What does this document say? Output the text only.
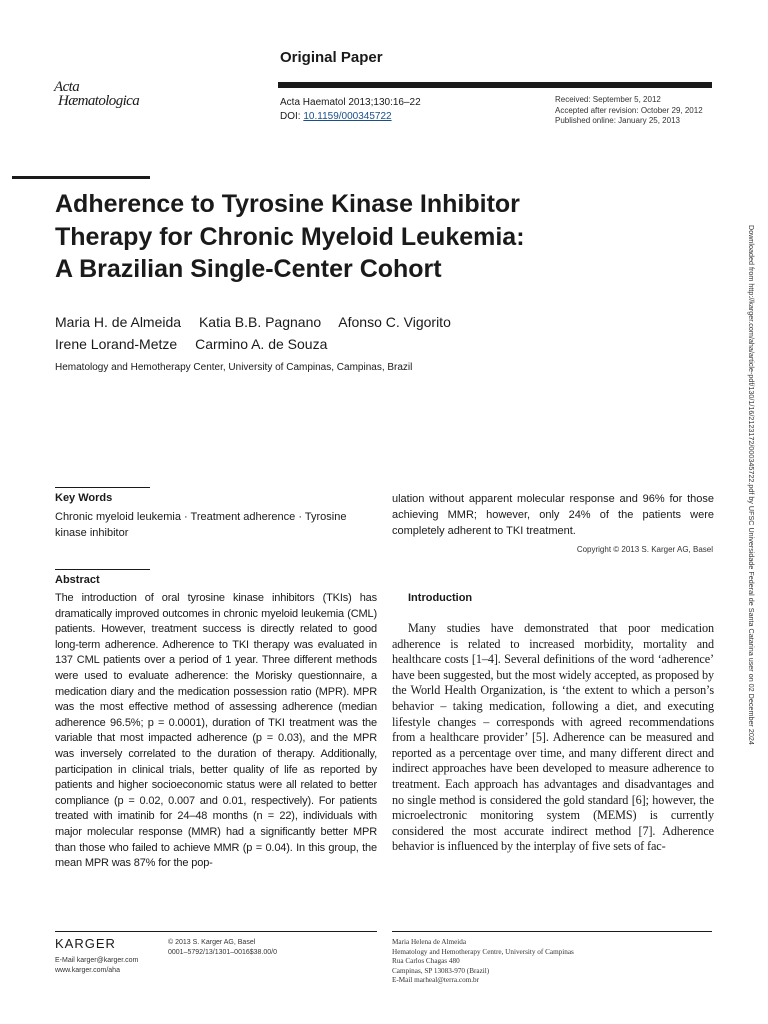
Original Paper
Acta
Hæmatologica	Acta Haematol 2013;130:16–22
DOI: 10.1159/000345722
Received: September 5, 2012
Accepted after revision: October 29, 2012
Published online: January 25, 2013
Adherence to Tyrosine Kinase Inhibitor
Therapy for Chronic Myeloid Leukemia:
A Brazilian Single-Center Cohort
Maria H. de Almeida Katia B.B. Pagnano Afonso C. Vigorito
Irene Lorand-Metze Carmino A. de Souza
Hematology and Hemotherapy Center, University of Campinas, Campinas, Brazil	Downloaded from http://karger.com/aha/article-pdf/130/1/16/2123172/000345722.pdf by UFSC Universidade Federal de Santa Catarina user on 02 December 2024
Key Words
Chronic myeloid leukemia · Treatment adherence · Tyrosine kinase inhibitor
Abstract
The introduction of oral tyrosine kinase inhibitors (TKIs) has dramatically improved outcomes in chronic myeloid leukemia (CML) patients. However, treatment success is directly related to good long-term adherence. Adherence to TKI therapy was evaluated in 137 CML patients over a period of 1 year. Three different methods were used to evaluate adherence: the Morisky questionnaire, a medication diary and the medication possession ratio (MPR). MPR was the most effective method of assessing adherence (median adherence 96.5%; p = 0.0001), duration of TKI treatment was the variable that most impacted adherence (p = 0.03), and the MPR was inversely correlated to the duration of therapy. Additionally, participation in clinical trials, better quality of life as reported by patients and higher socioeconomic status were all related to better compliance (p = 0.02, 0.007 and 0.01, respectively). For patients treated with imatinib for 24–48 months (n = 22), individuals with major molecular response (MMR) had a significantly better MPR than those who failed to achieve MMR (p = 0.04). In this group, the mean MPR was 87% for the pop-
ulation without apparent molecular response and 96% for those achieving MMR; however, only 24% of the patients were completely adherent to TKI treatment.
Copyright © 2013 S. Karger AG, Basel
Introduction
Many studies have demonstrated that poor medication adherence is related to increased morbidity, mortality and healthcare costs [1–4]. Several definitions of the word ‘adherence’ have been suggested, but the most widely accepted, as proposed by the World Health Organization, is ‘the extent to which a person’s behavior – taking medication, following a diet, and executing lifestyle changes – corresponds with agreed recommendations from a healthcare provider’ [5]. Adherence can be measured and reported as a percentage over time, and many different direct and indirect approaches have been developed to measure adherence to treatment. Each approach has advantages and disadvantages and no single method is considered the gold standard [6]; however, the microelectronic monitoring system (MEMS) is currently considered the most accurate indirect method [7]. Adherence behavior is influenced by the interplay of five sets of fac-
KARGER
E-Mail karger@karger.com
www.karger.com/aha
© 2013 S. Karger AG, Basel
0001–5792/13/1301–0016$38.00/0
Maria Helena de Almeida
Hematology and Hemotherapy Centre, University of Campinas
Rua Carlos Chagas 480
Campinas, SP 13083-970 (Brazil)
E-Mail marheal@terra.com.br
